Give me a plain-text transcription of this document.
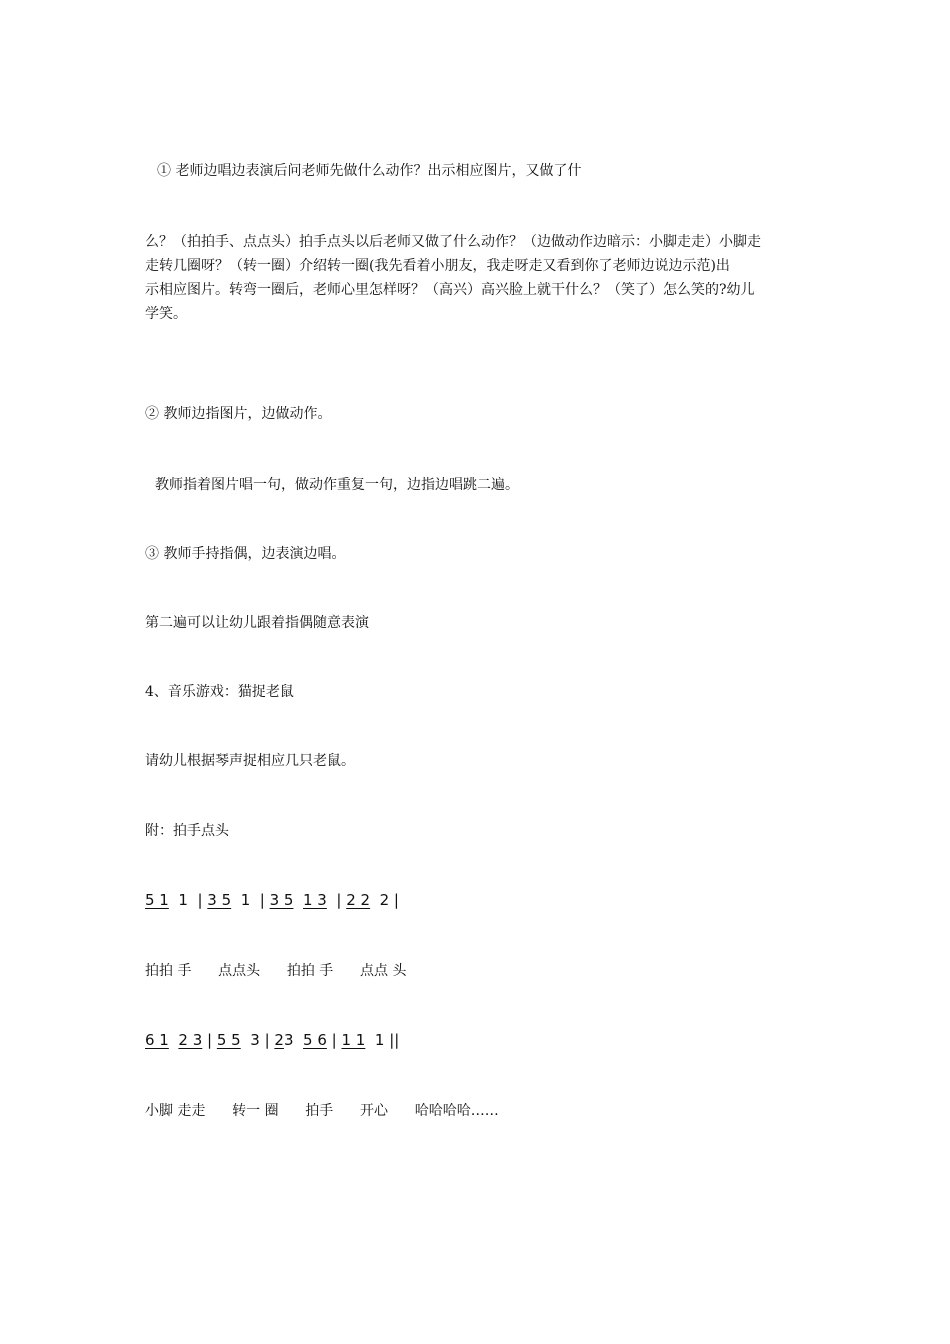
① 老师边唱边表演后问老师先做什么动作？出示相应图片，又做了什
么？（拍拍手、点点头）拍手点头以后老师又做了什么动作？（边做动作边暗示：小脚走走）小脚走
走转几圈呀？（转一圈）介绍转一圈(我先看着小朋友，我走呀走又看到你了老师边说边示范)出
示相应图片。转弯一圈后，老师心里怎样呀？（高兴）高兴脸上就干什么？（笑了）怎么笑的?幼儿
学笑。
② 教师边指图片，边做动作。
教师指着图片唱一句，做动作重复一句，边指边唱跳二遍。
③ 教师手持指偶，边表演边唱。
第二遍可以让幼儿跟着指偶随意表演
4、音乐游戏：猫捉老鼠
请幼儿根据琴声捉相应几只老鼠。
附：拍手点头
5 1  1  | 3 5  1  | 3 5 1 3  | 2 2  2 |
拍拍 手      点点头      拍拍 手      点点 头
6 1 2 3 | 5 5  3 | 23  5 6 | 1 1  1 ||
小脚 走走      转一 圈      拍手      开心      哈哈哈哈……
